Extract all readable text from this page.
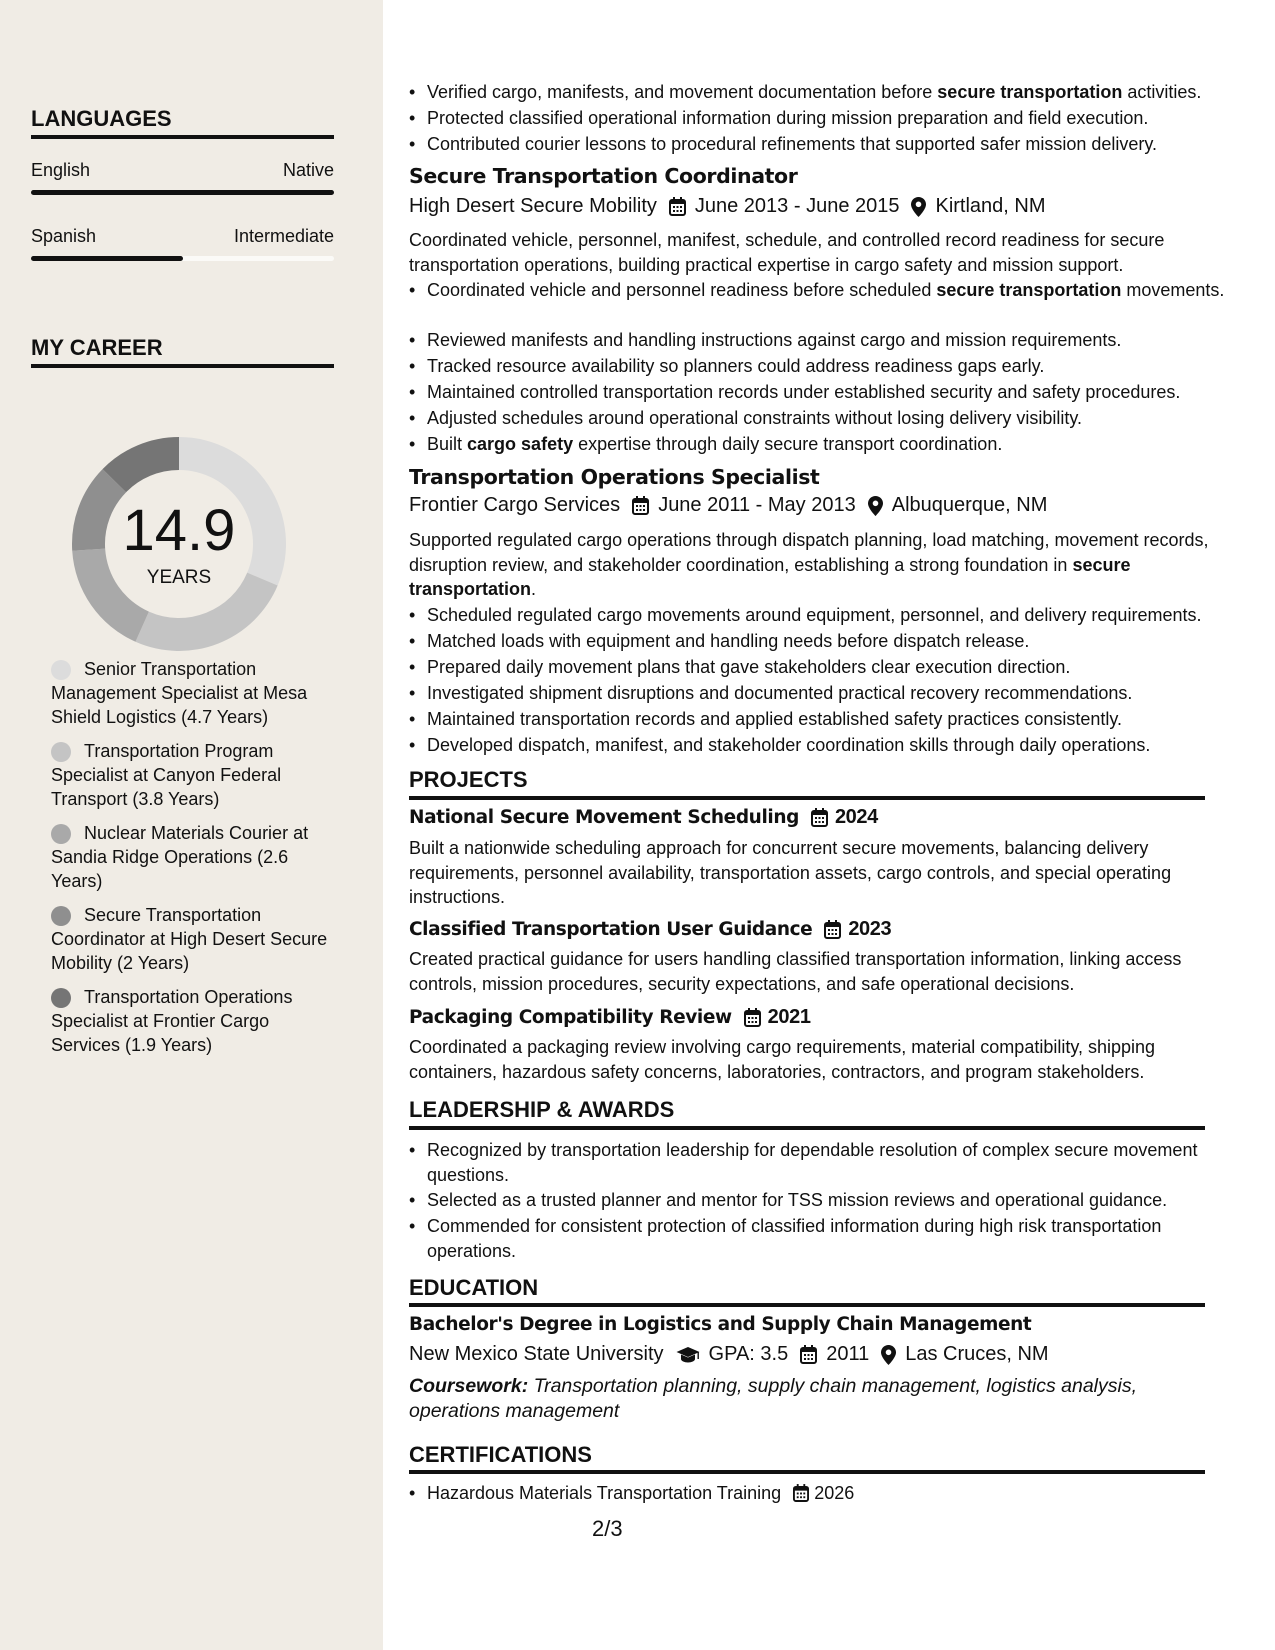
LANGUAGES
English	Native
Spanish	Intermediate
MY CAREER
14.9
YEARS
Senior Transportation Management Specialist at Mesa Shield Logistics (4.7 Years)
Transportation Program Specialist at Canyon Federal Transport (3.8 Years)
Nuclear Materials Courier at Sandia Ridge Operations (2.6 Years)
Secure Transportation Coordinator at High Desert Secure Mobility (2 Years)
Transportation Operations Specialist at Frontier Cargo Services (1.9 Years)
• Verified cargo, manifests, and movement documentation before secure transportation activities.
• Protected classified operational information during mission preparation and field execution.
• Contributed courier lessons to procedural refinements that supported safer mission delivery.
Secure Transportation Coordinator
High Desert Secure Mobility June 2013 - June 2015 Kirtland, NM
Coordinated vehicle, personnel, manifest, schedule, and controlled record readiness for secure transportation operations, building practical expertise in cargo safety and mission support.
• Coordinated vehicle and personnel readiness before scheduled secure transportation movements.
• Reviewed manifests and handling instructions against cargo and mission requirements.
• Tracked resource availability so planners could address readiness gaps early.
• Maintained controlled transportation records under established security and safety procedures.
• Adjusted schedules around operational constraints without losing delivery visibility.
• Built cargo safety expertise through daily secure transport coordination.
Transportation Operations Specialist
Frontier Cargo Services June 2011 - May 2013 Albuquerque, NM
Supported regulated cargo operations through dispatch planning, load matching, movement records, disruption review, and stakeholder coordination, establishing a strong foundation in secure transportation.
• Scheduled regulated cargo movements around equipment, personnel, and delivery requirements.
• Matched loads with equipment and handling needs before dispatch release.
• Prepared daily movement plans that gave stakeholders clear execution direction.
• Investigated shipment disruptions and documented practical recovery recommendations.
• Maintained transportation records and applied established safety practices consistently.
• Developed dispatch, manifest, and stakeholder coordination skills through daily operations.
PROJECTS
National Secure Movement Scheduling 2024
Built a nationwide scheduling approach for concurrent secure movements, balancing delivery requirements, personnel availability, transportation assets, cargo controls, and special operating instructions.
Classified Transportation User Guidance 2023
Created practical guidance for users handling classified transportation information, linking access controls, mission procedures, security expectations, and safe operational decisions.
Packaging Compatibility Review 2021
Coordinated a packaging review involving cargo requirements, material compatibility, shipping containers, hazardous safety concerns, laboratories, contractors, and program stakeholders.
LEADERSHIP & AWARDS
• Recognized by transportation leadership for dependable resolution of complex secure movement questions.
• Selected as a trusted planner and mentor for TSS mission reviews and operational guidance.
• Commended for consistent protection of classified information during high risk transportation operations.
EDUCATION
Bachelor's Degree in Logistics and Supply Chain Management
New Mexico State University GPA: 3.5 2011 Las Cruces, NM
Coursework: Transportation planning, supply chain management, logistics analysis, operations management
CERTIFICATIONS
• Hazardous Materials Transportation Training 2026
2/3
